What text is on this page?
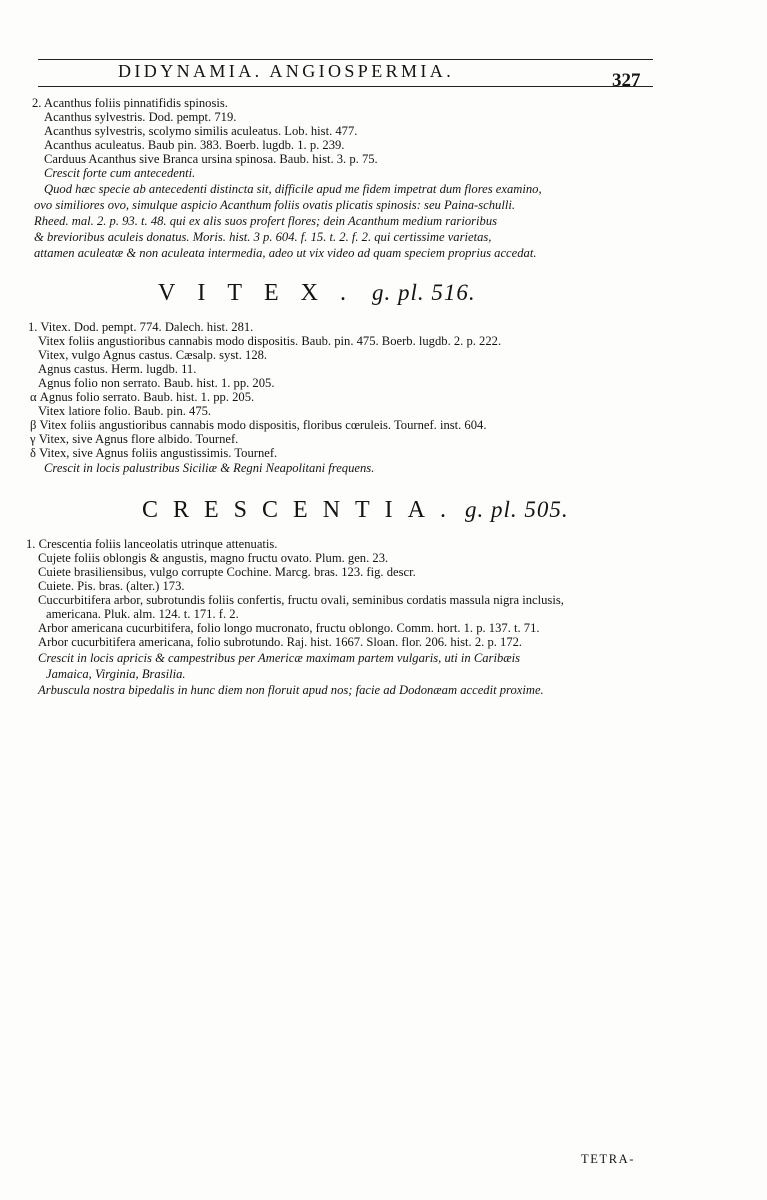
DIDYNAMIA. ANGIOSPERMIA.	327
2. Acanthus foliis pinnatifidis spinosis.
Acanthus sylvestris. Dod. pempt. 719.
Acanthus sylvestris, scolymo similis aculeatus. Lob. hist. 477.
Acanthus aculeatus. Baub pin. 383. Boerb. lugdb. 1. p. 239.
Carduus Acanthus sive Branca ursina spinosa. Baub. hist. 3. p. 75.
Crescit forte cum antecedenti.
Quod hæc specie ab antecedenti distincta sit, difficile apud me fidem impetrat dum flores examino,
ovo similiores ovo, simulque aspicio Acanthum foliis ovatis plicatis spinosis: seu Paina-schulli.
Rheed. mal. 2. p. 93. t. 48. qui ex alis suos profert flores; dein Acanthum medium rarioribus
& brevioribus aculeis donatus. Moris. hist. 3 p. 604. f. 15. t. 2. f. 2. qui certissime varietas,
attamen aculeatæ & non aculeata intermedia, adeo ut vix video ad quam speciem proprius accedat.
VITEX. g. pl. 516.
1. Vitex. Dod. pempt. 774. Dalech. hist. 281.
Vitex foliis angustioribus cannabis modo dispositis. Baub. pin. 475. Boerb. lugdb. 2. p. 222.
Vitex, vulgo Agnus castus. Cæsalp. syst. 128.
Agnus castus. Herm. lugdb. 11.
Agnus folio non serrato. Baub. hist. 1. pp. 205.
α Agnus folio serrato. Baub. hist. 1. pp. 205.
Vitex latiore folio. Baub. pin. 475.
β Vitex foliis angustioribus cannabis modo dispositis, floribus cœruleis. Tournef. inst. 604.
γ Vitex, sive Agnus flore albido. Tournef.
δ Vitex, sive Agnus foliis angustissimis. Tournef.
Crescit in locis palustribus Siciliæ & Regni Neapolitani frequens.
CRESCENTIA. g. pl. 505.
1. Crescentia foliis lanceolatis utrinque attenuatis.
Cujete foliis oblongis & angustis, magno fructu ovato. Plum. gen. 23.
Cuiete brasiliensibus, vulgo corrupte Cochine. Marcg. bras. 123. fig. descr.
Cuiete. Pis. bras. (alter.) 173.
Cuccurbitifera arbor, subrotundis foliis confertis, fructu ovali, seminibus cordatis massula nigra inclusis,
americana. Pluk. alm. 124. t. 171. f. 2.
Arbor americana cucurbitifera, folio longo mucronato, fructu oblongo. Comm. hort. 1. p. 137. t. 71.
Arbor cucurbitifera americana, folio subrotundo. Raj. hist. 1667. Sloan. flor. 206. hist. 2. p. 172.
Crescit in locis apricis & campestribus per Americæ maximam partem vulgaris, uti in Caribæis
Jamaica, Virginia, Brasilia.
Arbuscula nostra bipedalis in hunc diem non floruit apud nos; facie ad Dodonæam accedit proxime.
TETRA-
